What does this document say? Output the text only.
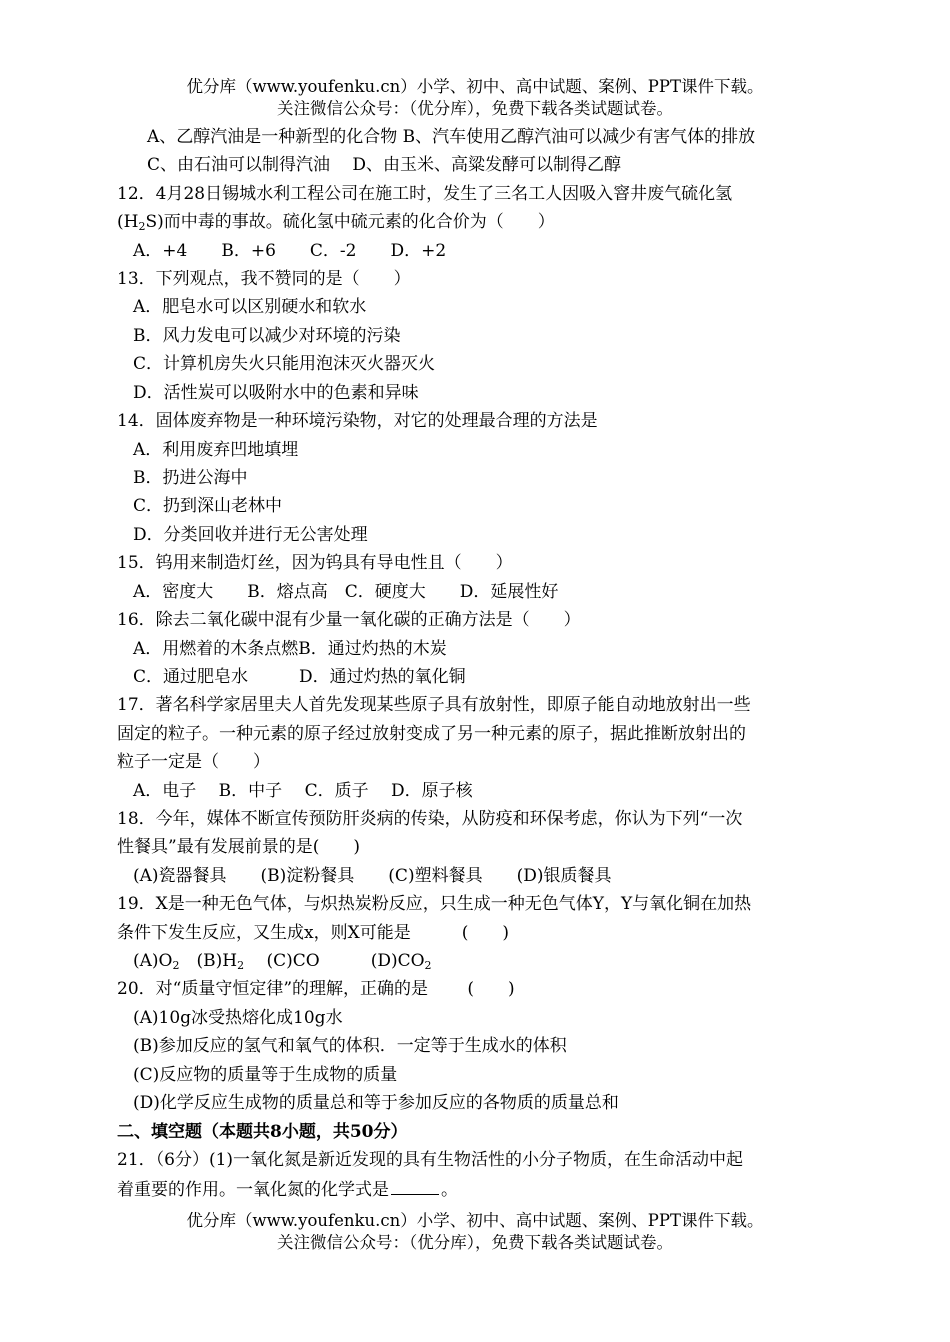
优分库（www.youfenku.cn）小学、初中、高中试题、案例、PPT课件下载。
关注微信公众号：（优分库），免费下载各类试题试卷。
A、乙醇汽油是一种新型的化合物 B、汽车使用乙醇汽油可以减少有害气体的排放
C、由石油可以制得汽油　 D、由玉米、高粱发酵可以制得乙醇
12．4月28日锡城水利工程公司在施工时，发生了三名工人因吸入窨井废气硫化氢
$(H_2S)$而中毒的事故。硫化氢中硫元素的化合价为（　　）
A．+4　　B．+6　　C．-2　　D．+2
13．下列观点，我不赞同的是（　　）
A．肥皂水可以区别硬水和软水
B．风力发电可以减少对环境的污染
C．计算机房失火只能用泡沫灭火器灭火
D．活性炭可以吸附水中的色素和异味
14．固体废弃物是一种环境污染物，对它的处理最合理的方法是
A．利用废弃凹地填埋
B．扔进公海中
C．扔到深山老林中
D．分类回收并进行无公害处理
15．钨用来制造灯丝，因为钨具有导电性且（　　）
A．密度大　　B．熔点高　C．硬度大　　D．延展性好
16．除去二氧化碳中混有少量一氧化碳的正确方法是（　　）
A．用燃着的木条点燃B．通过灼热的木炭
C．通过肥皂水　　　D．通过灼热的氧化铜
17．著名科学家居里夫人首先发现某些原子具有放射性，即原子能自动地放射出一些
固定的粒子。一种元素的原子经过放射变成了另一种元素的原子，据此推断放射出的
粒子一定是（　　）
A．电子　 B．中子　 C．质子　 D．原子核
18．今年，媒体不断宣传预防肝炎病的传染，从防疫和环保考虑，你认为下列“一次
性餐具”最有发展前景的是(　　)
(A)瓷器餐具　　(B)淀粉餐具　　(C)塑料餐具　　(D)银质餐具
19．X是一种无色气体，与炽热炭粉反应，只生成一种无色气体Y，Y与氧化铜在加热
条件下发生反应，又生成x，则X可能是　　　(　　)
$(A)O_2$　$(B)H_2$　 (C)CO　　　$(D)CO_2$
20．对“质量守恒定律”的理解，正确的是　　 (　　)
(A)10g冰受热熔化成10g水
(B)参加反应的氢气和氧气的体积．一定等于生成水的体积
(C)反应物的质量等于生成物的质量
(D)化学反应生成物的质量总和等于参加反应的各物质的质量总和
二、填空题（本题共8小题，共50分）
21．（6分）(1)一氧化氮是新近发现的具有生物活性的小分子物质，在生命活动中起
着重要的作用。一氧化氮的化学式是	。
优分库（www.youfenku.cn）小学、初中、高中试题、案例、PPT课件下载。
关注微信公众号：（优分库），免费下载各类试题试卷。
